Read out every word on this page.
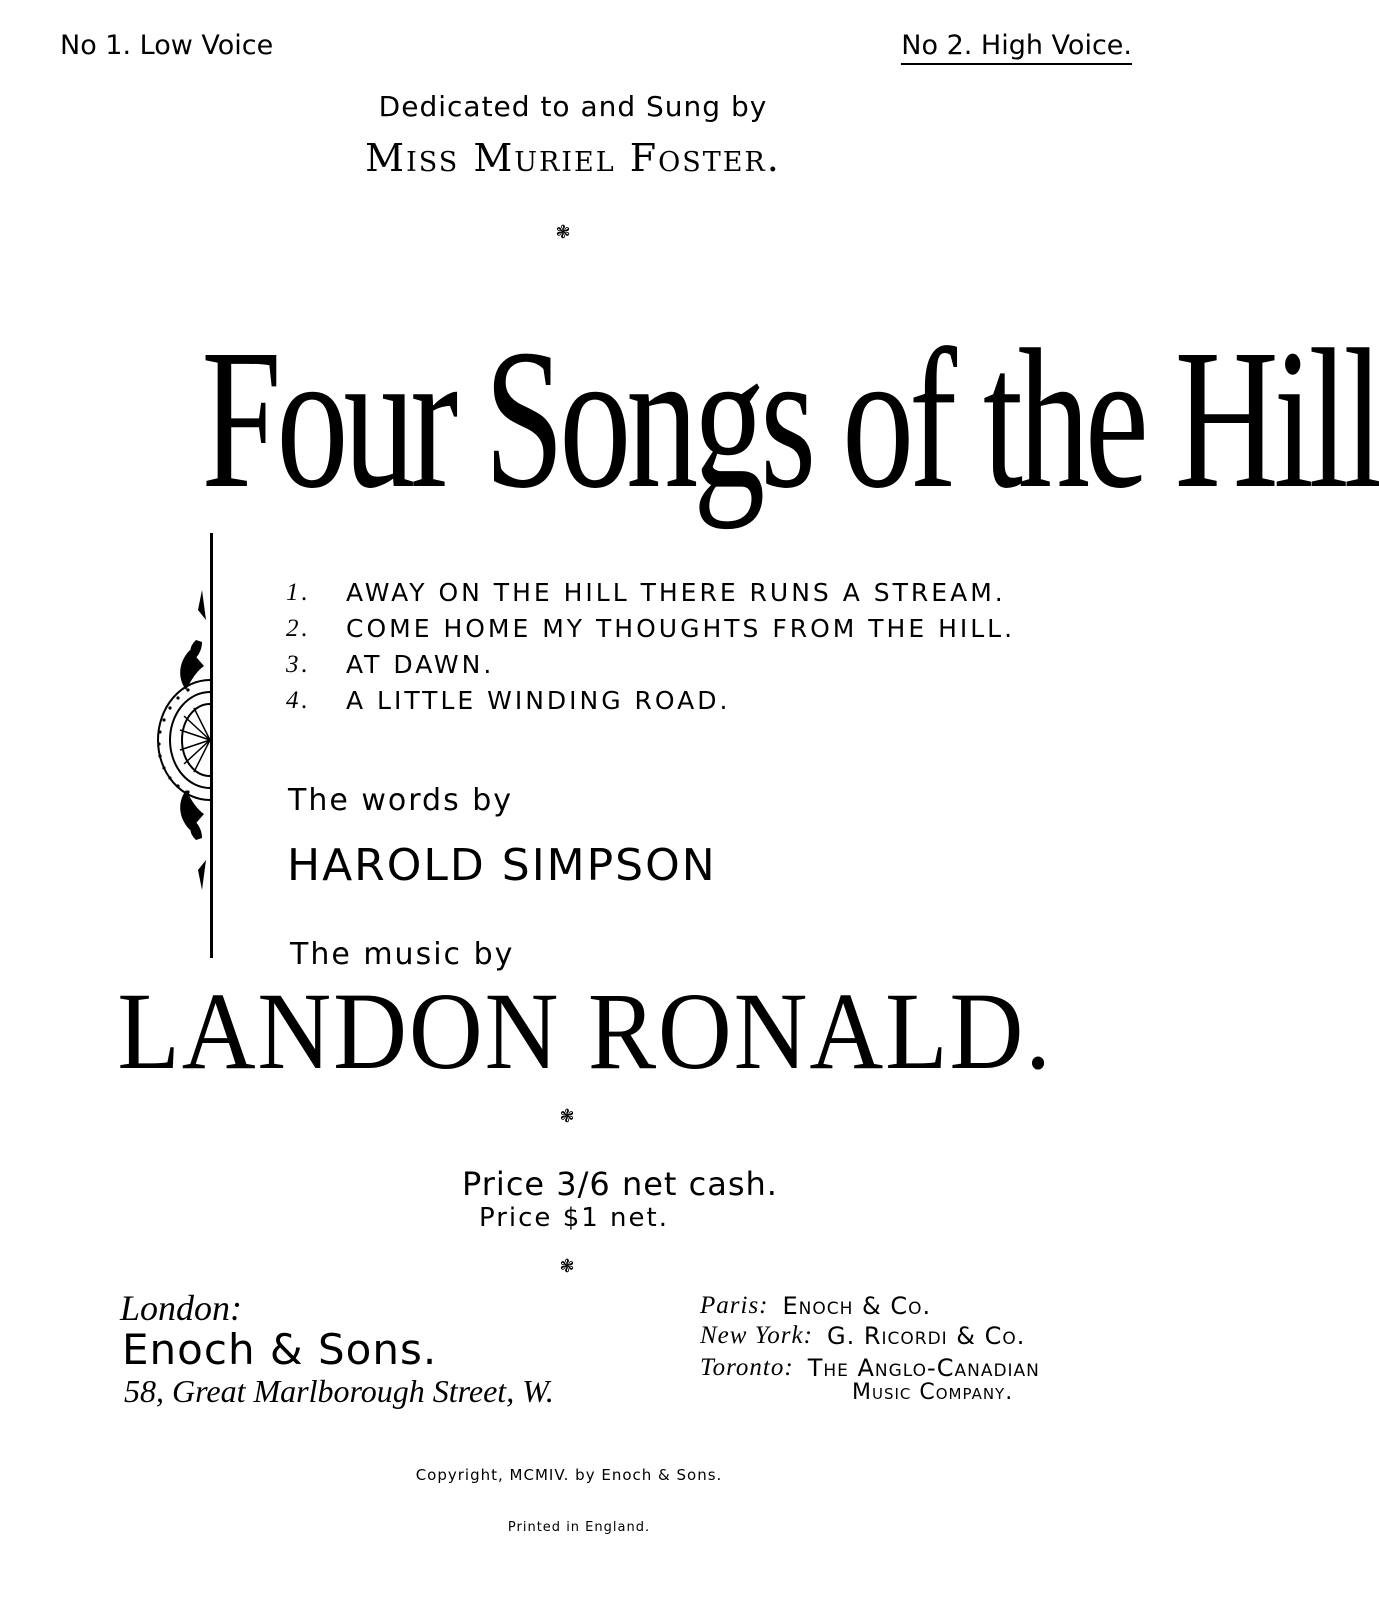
No 1. Low Voice	No 2. High Voice.
Dedicated to and Sung by
Miss Muriel Foster.
❃
Four Songs of the Hill
1.	AWAY ON THE HILL THERE RUNS A STREAM.
2.	COME HOME MY THOUGHTS FROM THE HILL.
3.	AT DAWN.
4.	A LITTLE WINDING ROAD.
The words by
HAROLD SIMPSON
The music by
LANDON RONALD.
❃
Price 3/6 net cash.
Price $1 net.
❃
London:
Enoch & Sons.
58, Great Marlborough Street, W.
Paris: Enoch & Co.
New York: G. Ricordi & Co.
Toronto: The Anglo-Canadian
Music Company.
Copyright, MCMIV. by Enoch & Sons.
Printed in England.
